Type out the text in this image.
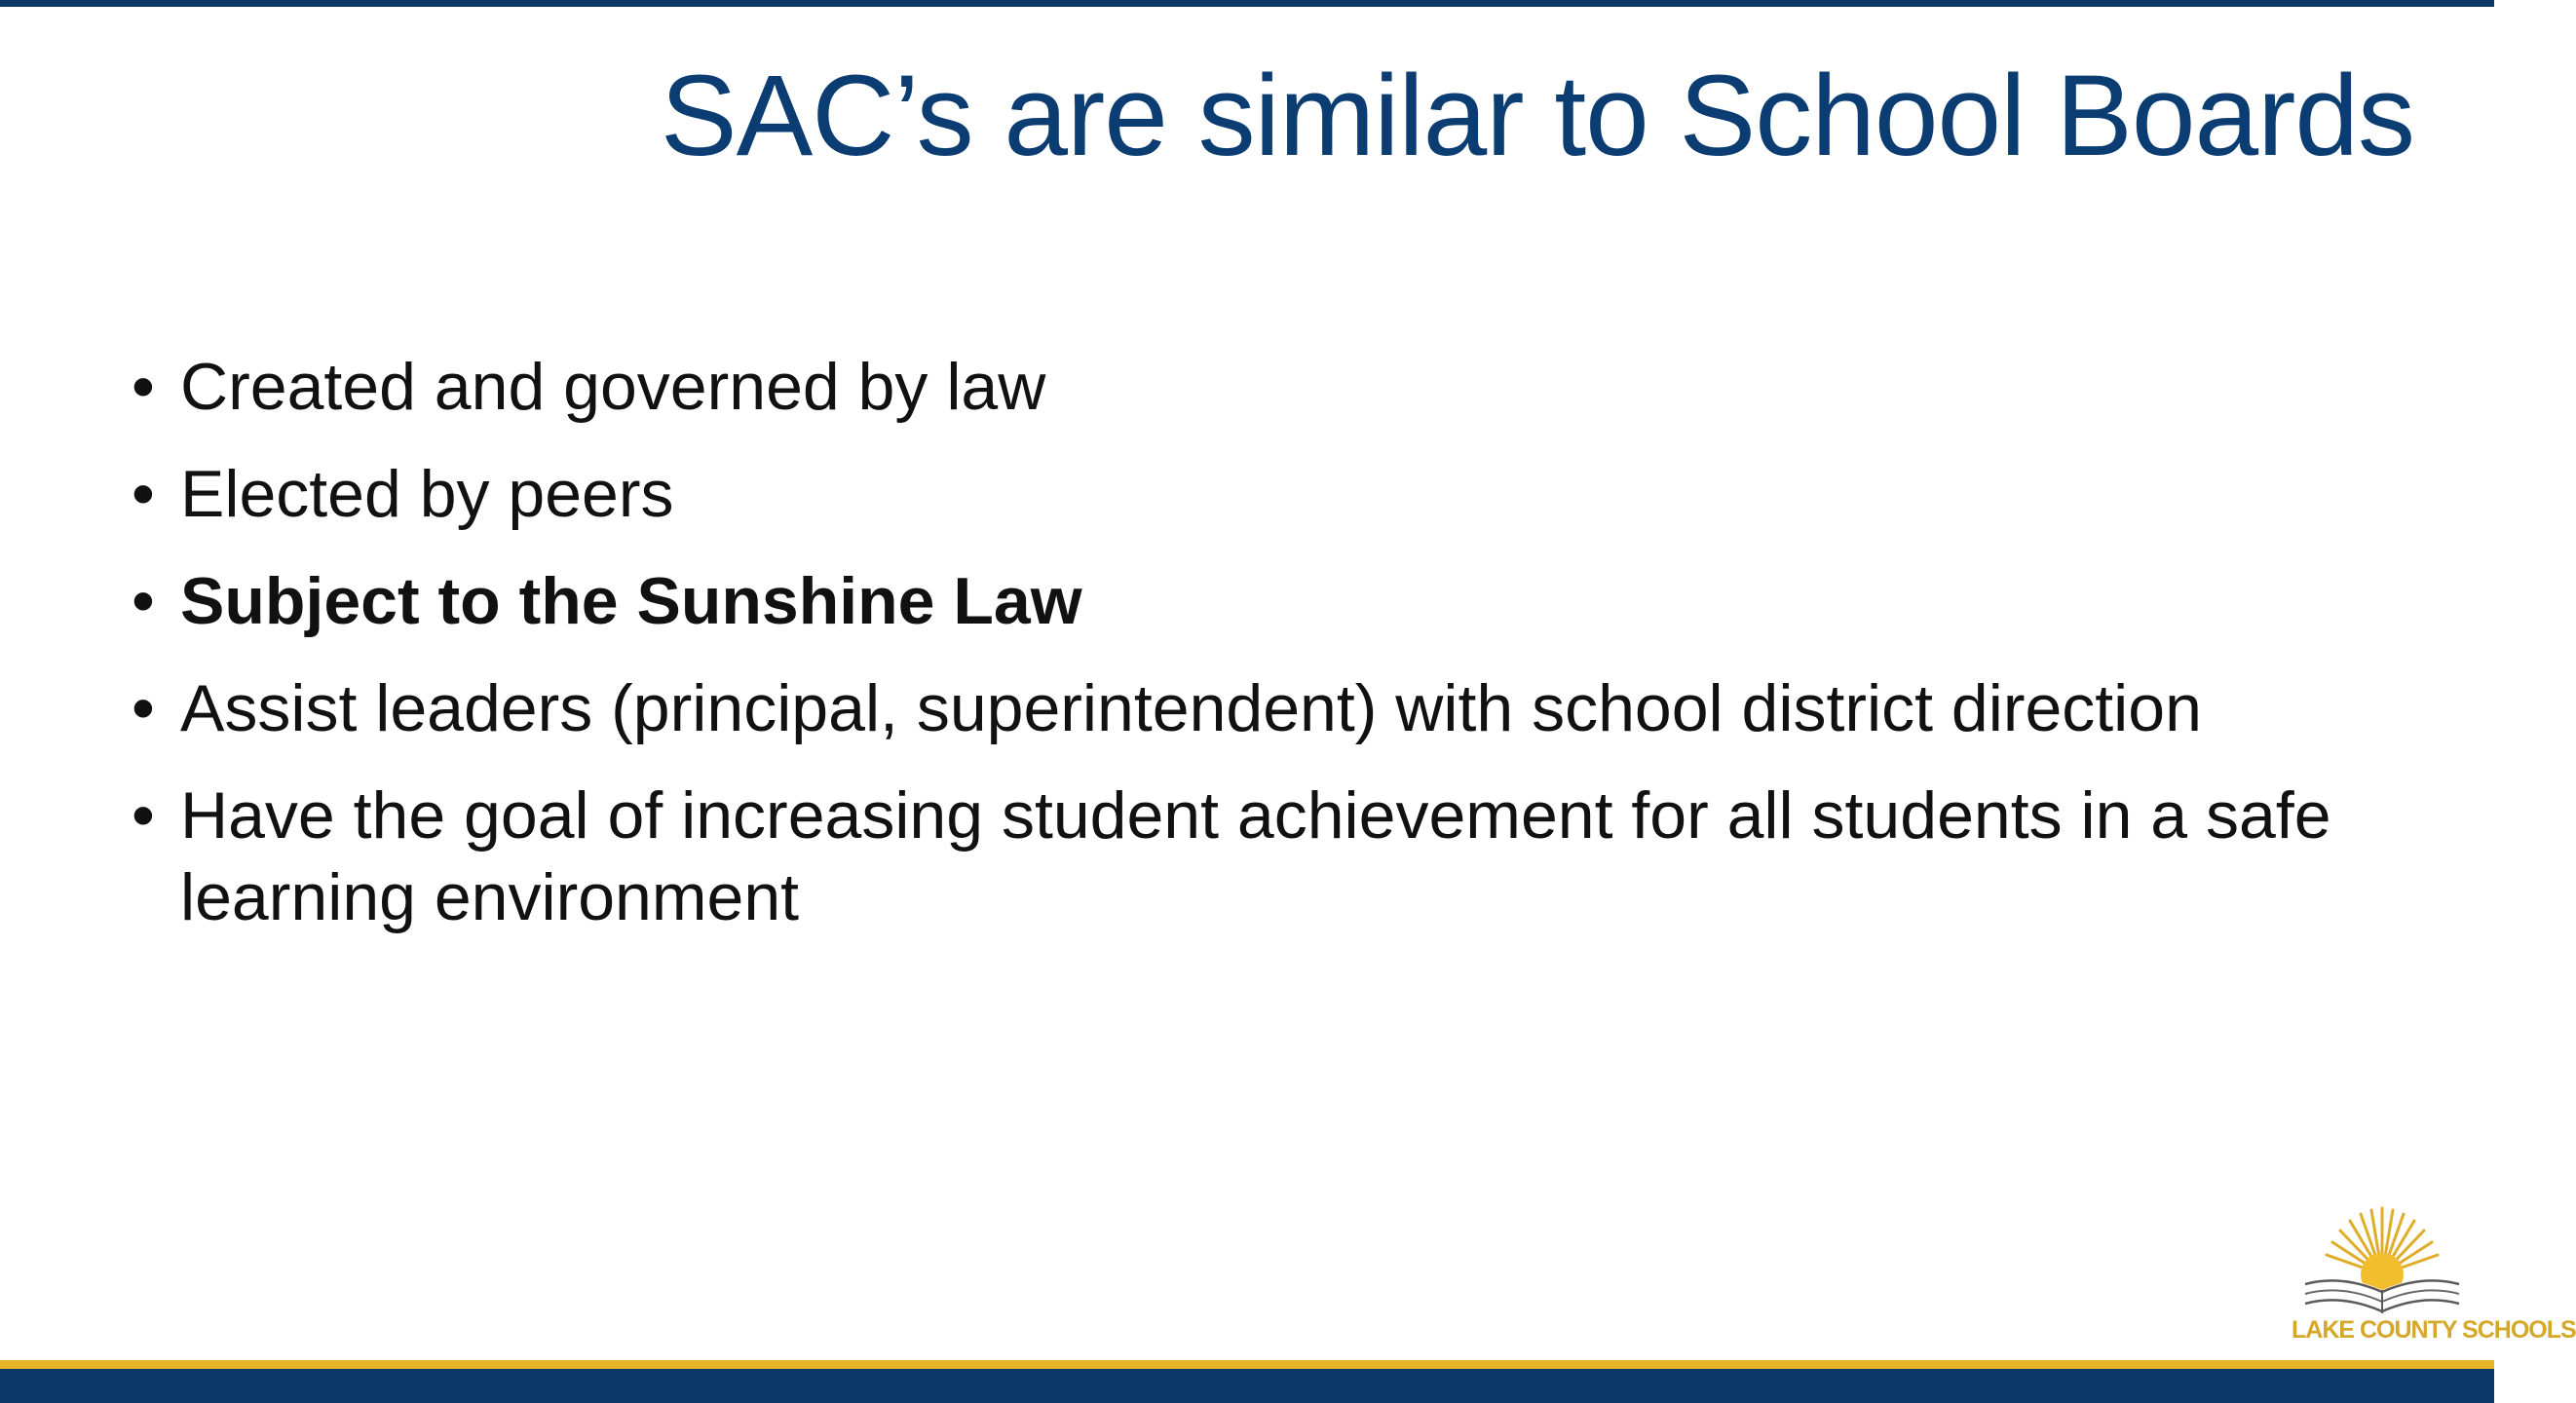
SAC’s are similar to School Boards
• Created and governed by law
• Elected by peers
• Subject to the Sunshine Law
• Assist leaders (principal, superintendent) with school district direction
• Have the goal of increasing student achievement for all students in a safe learning environment
LAKE COUNTY SCHOOLS
